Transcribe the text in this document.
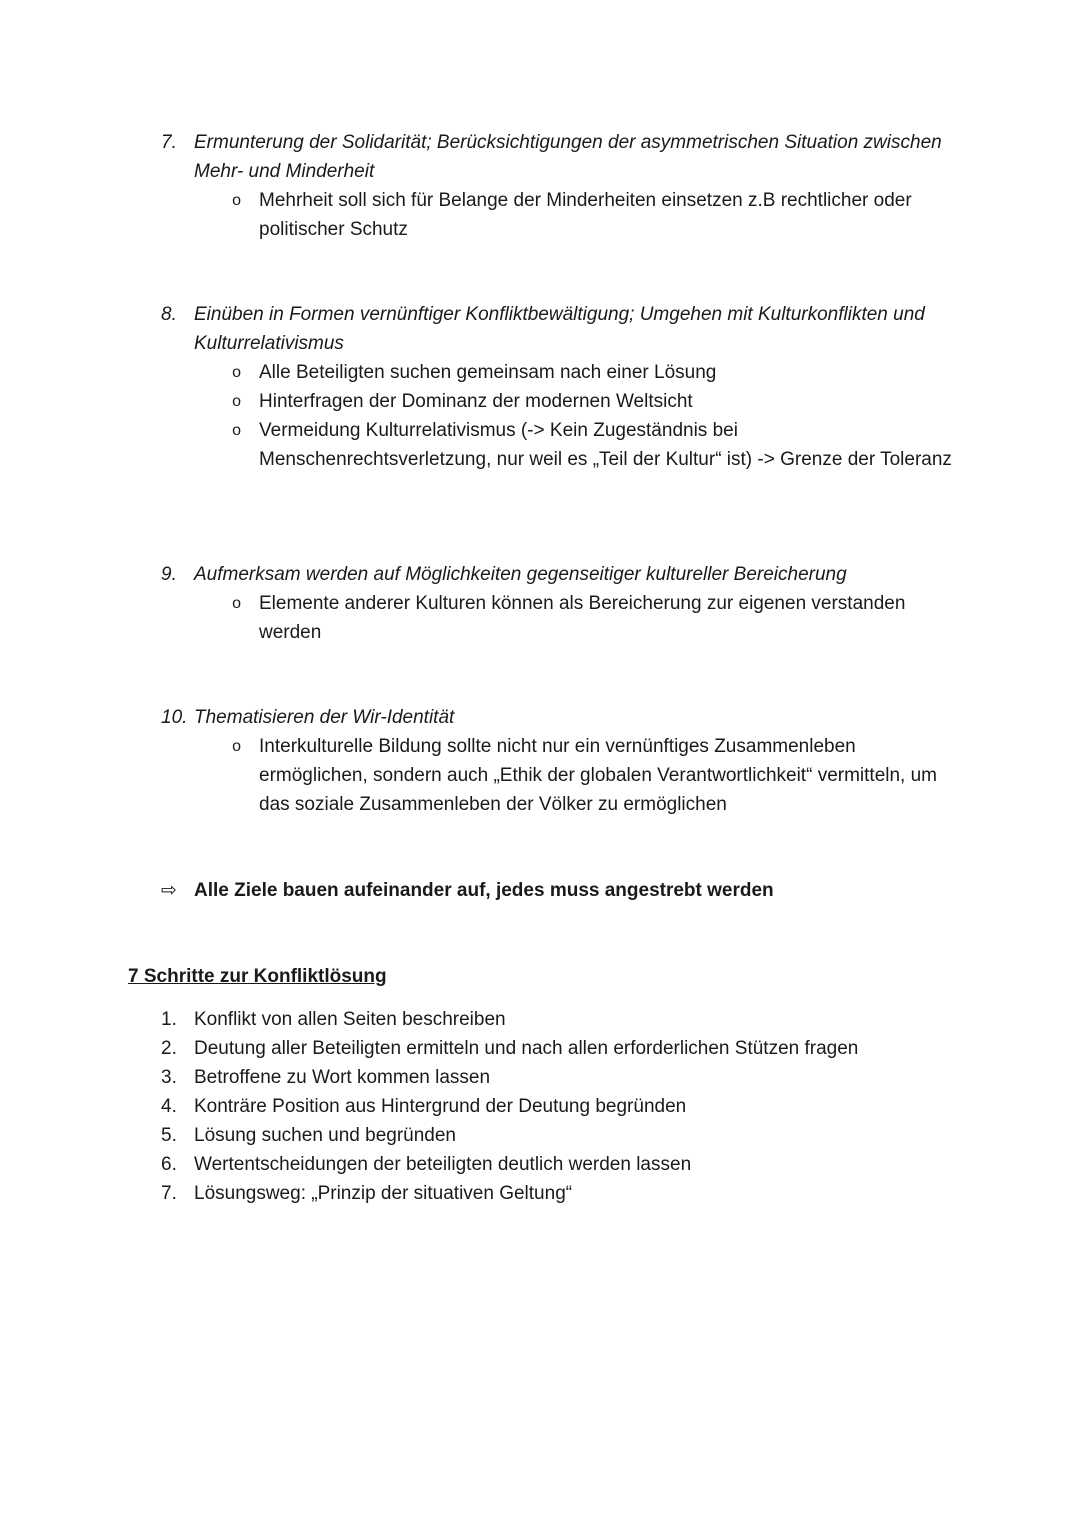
7. Ermunterung der Solidarität; Berücksichtigungen der asymmetrischen Situation zwischen Mehr- und Minderheit
o Mehrheit soll sich für Belange der Minderheiten einsetzen z.B rechtlicher oder politischer Schutz
8. Einüben in Formen vernünftiger Konfliktbewältigung; Umgehen mit Kulturkonflikten und Kulturrelativismus
o Alle Beteiligten suchen gemeinsam nach einer Lösung
o Hinterfragen der Dominanz der modernen Weltsicht
o Vermeidung Kulturrelativismus (-> Kein Zugeständnis bei Menschenrechtsverletzung, nur weil es „Teil der Kultur“ ist) -> Grenze der Toleranz
9. Aufmerksam werden auf Möglichkeiten gegenseitiger kultureller Bereicherung
o Elemente anderer Kulturen können als Bereicherung zur eigenen verstanden werden
10. Thematisieren der Wir-Identität
o Interkulturelle Bildung sollte nicht nur ein vernünftiges Zusammenleben ermöglichen, sondern auch „Ethik der globalen Verantwortlichkeit“ vermitteln, um das soziale Zusammenleben der Völker zu ermöglichen
⇨ Alle Ziele bauen aufeinander auf, jedes muss angestrebt werden
7 Schritte zur Konfliktlösung
1. Konflikt von allen Seiten beschreiben
2. Deutung aller Beteiligten ermitteln und nach allen erforderlichen Stützen fragen
3. Betroffene zu Wort kommen lassen
4. Konträre Position aus Hintergrund der Deutung begründen
5. Lösung suchen und begründen
6. Wertentscheidungen der beteiligten deutlich werden lassen
7. Lösungsweg: „Prinzip der situativen Geltung“
